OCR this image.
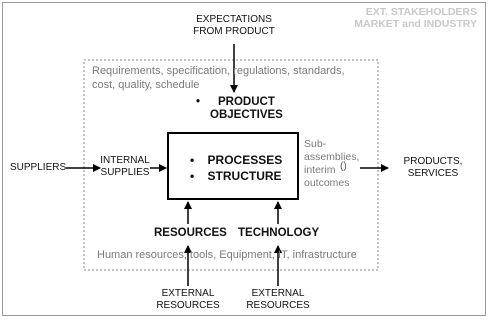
EXT. STAKEHOLDERS
MARKET and INDUSTRY
EXPECTATIONS
FROM PRODUCT
Requirements, specification, regulations, standards,
cost, quality, schedule
•	PRODUCT
OBJECTIVES
SUPPLIERS
INTERNAL
SUPPLIES
• PROCESSES
• STRUCTURE
Sub-
assemblies,
interim
outcomes
()	PRODUCTS,
SERVICES
RESOURCES TECHNOLOGY
Human resources, tools, Equipment, IT, infrastructure
EXTERNAL
RESOURCES
EXTERNAL
RESOURCES
